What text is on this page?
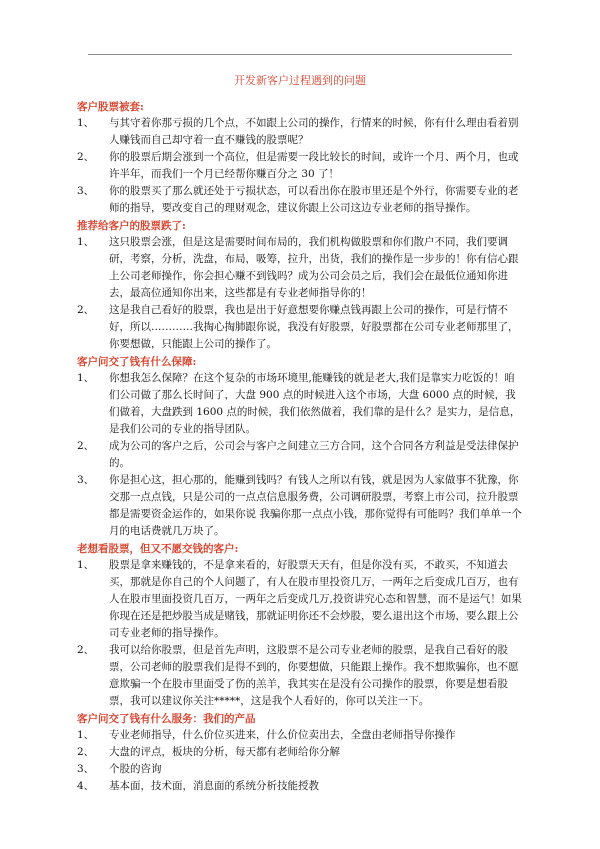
开发新客户过程遇到的问题
客户股票被套:
1、	与其守着你那亏损的几个点，不如跟上公司的操作，行情来的时候，你有什么理由看着别人赚钱而自己却守着一直不赚钱的股票呢？
2、	你的股票后期会涨到一个高位，但是需要一段比较长的时间，或许一个月、两个月，也或许半年，而我们一个月已经帮你赚百分之 30 了！
3、	你的股票买了那么就还处于亏损状态，可以看出你在股市里还是个外行，你需要专业的老师的指导，要改变自己的理财观念，建议你跟上公司这边专业老师的指导操作。
推荐给客户的股票跌了:
1、	这只股票会涨，但是这是需要时间布局的，我们机构做股票和你们散户不同，我们要调研，考察，分析，洗盘，布局，吸筹，拉升，出货，我们的操作是一步步的！你有信心跟上公司老师操作，你会担心赚不到钱吗？成为公司会员之后，我们会在最低位通知你进去，最高位通知你出来，这些都是有专业老师指导你的！
2、	这是我自己看好的股票，我也是出于好意想要你赚点钱再跟上公司的操作，可是行情不好，所以…………我掏心掏肺跟你说，我没有好股票，好股票都在公司专业老师那里了，你要想做，只能跟上公司的操作了。
客户问交了钱有什么保障:
1、	你想我怎么保障？在这个复杂的市场环境里,能赚钱的就是老大,我们是靠实力吃饭的！咱们公司做了那么长时间了，大盘 900 点的时候进入这个市场，大盘 6000 点的时候，我们做着，大盘跌到 1600 点的时候，我们依然做着，我们靠的是什么？是实力，是信息，是我们公司的专业的指导团队。
2、	成为公司的客户之后，公司会与客户之间建立三方合同，这个合同各方利益是受法律保护的。
3、	你是担心这，担心那的，能赚到钱吗？有钱人之所以有钱，就是因为人家做事不犹豫，你交那一点点钱，只是公司的一点点信息服务费，公司调研股票，考察上市公司，拉升股票都是需要资金运作的，如果你说 我骗你那一点点小钱，那你觉得有可能吗？我们单单一个月的电话费就几万块了。
老想看股票，但又不愿交钱的客户:
1、	股票是拿来赚钱的，不是拿来看的，好股票天天有，但是你没有买，不敢买，不知道去买，那就是你自己的个人问题了，有人在股市里投资几万，一两年之后变成几百万，也有人在股市里面投资几百万，一两年之后变成几万,投资讲究心态和智慧，而不是运气！如果你现在还是把炒股当成是赌钱，那就证明你还不会炒股，要么退出这个市场，要么跟上公司专业老师的指导操作。
2、	我可以给你股票，但是首先声明，这股票不是公司专业老师的股票，是我自己看好的股票，公司老师的股票我们是得不到的，你要想做，只能跟上操作。我不想欺骗你，也不愿意欺骗一个在股市里面受了伤的羔羊，我其实在是没有公司操作的股票，你要是想看股票，我可以建议你关注*****，这是我个人看好的，你可以关注一下。
客户问交了钱有什么服务：我们的产品
1、	专业老师指导，什么价位买进来，什么价位卖出去，全盘由老师指导你操作
2、	大盘的评点，板块的分析，每天都有老师给你分解
3、	个股的咨询
4、	基本面，技术面，消息面的系统分析技能授教
